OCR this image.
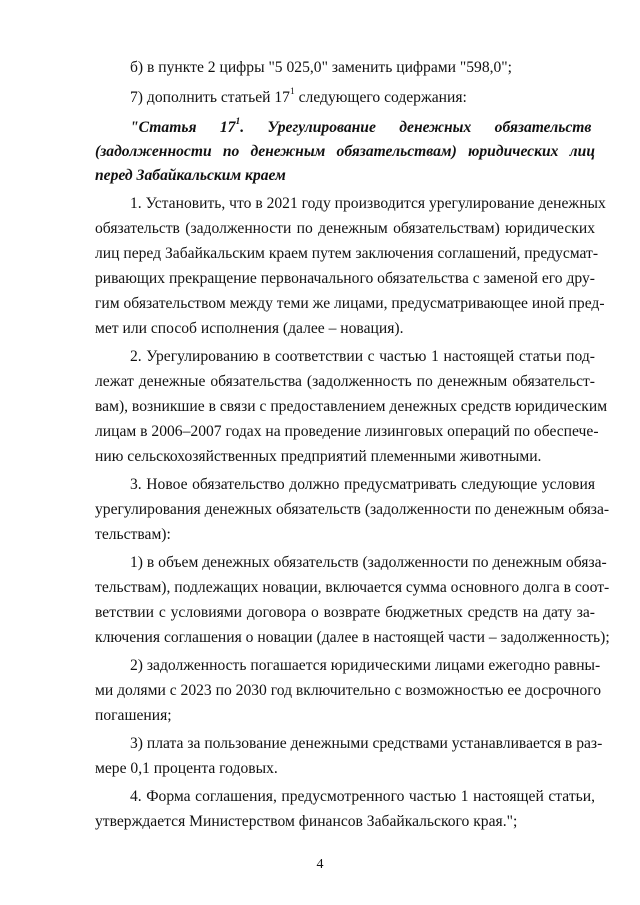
б) в пункте 2 цифры "5 025,0" заменить цифрами "598,0";
7) дополнить статьей $17^1$ следующего содержания:
"Статья      $17^1$.      Урегулирование      денежных      обязательств
(задолженности по денежным обязательствам) юридических лиц
перед Забайкальским краем
1. Установить, что в 2021 году производится урегулирование денежных
обязательств (задолженности по денежным обязательствам) юридических
лиц перед Забайкальским краем путем заключения соглашений, предусмат-
ривающих прекращение первоначального обязательства с заменой его дру-
гим обязательством между теми же лицами, предусматривающее иной пред-
мет или способ исполнения (далее – новация).
2. Урегулированию в соответствии с частью 1 настоящей статьи под-
лежат денежные обязательства (задолженность по денежным обязательст-
вам), возникшие в связи с предоставлением денежных средств юридическим
лицам в 2006–2007 годах на проведение лизинговых операций по обеспече-
нию сельскохозяйственных предприятий племенными животными.
3. Новое обязательство должно предусматривать следующие условия
урегулирования денежных обязательств (задолженности по денежным обяза-
тельствам):
1) в объем денежных обязательств (задолженности по денежным обяза-
тельствам), подлежащих новации, включается сумма основного долга в соот-
ветствии с условиями договора о возврате бюджетных средств на дату за-
ключения соглашения о новации (далее в настоящей части – задолженность);
2) задолженность погашается юридическими лицами ежегодно равны-
ми долями с 2023 по 2030 год включительно с возможностью ее досрочного
погашения;
3) плата за пользование денежными средствами устанавливается в раз-
мере 0,1 процента годовых.
4. Форма соглашения, предусмотренного частью 1 настоящей статьи,
утверждается Министерством финансов Забайкальского края.";
4
